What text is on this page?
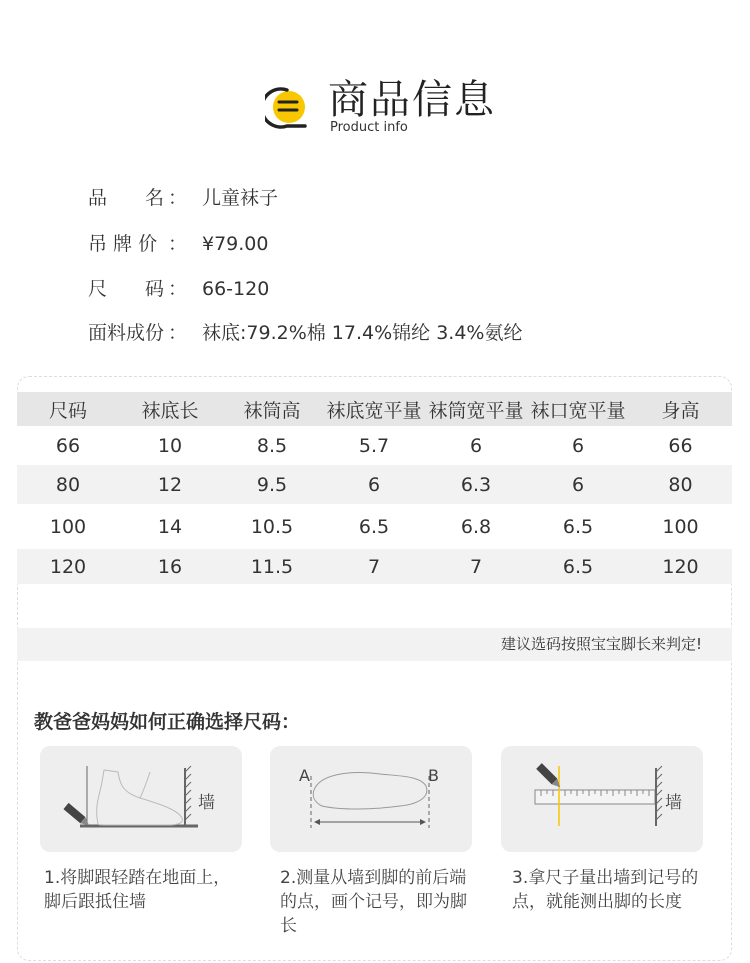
商品信息
Product info
品　　名 ： 儿童袜子
吊 牌 价 ： ¥79.00
尺　　码 ： 66-120
面料成份 ： 袜底:79.2%棉 17.4%锦纶 3.4%氨纶
尺码	袜底长	袜筒高	袜底宽平量	袜筒宽平量	袜口宽平量	身高
66	10	8.5	5.7	6	6	66
80	12	9.5	6	6.3	6	80
100	14	10.5	6.5	6.8	6.5	100
120	16	11.5	7	7	6.5	120
建议选码按照宝宝脚长来判定!
教爸爸妈妈如何正确选择尺码：
墙
1.将脚跟轻踏在地面上，脚后跟抵住墙
A	B
2.测量从墙到脚的前后端的点，画个记号，即为脚长
墙
3.拿尺子量出墙到记号的点，就能测出脚的长度
